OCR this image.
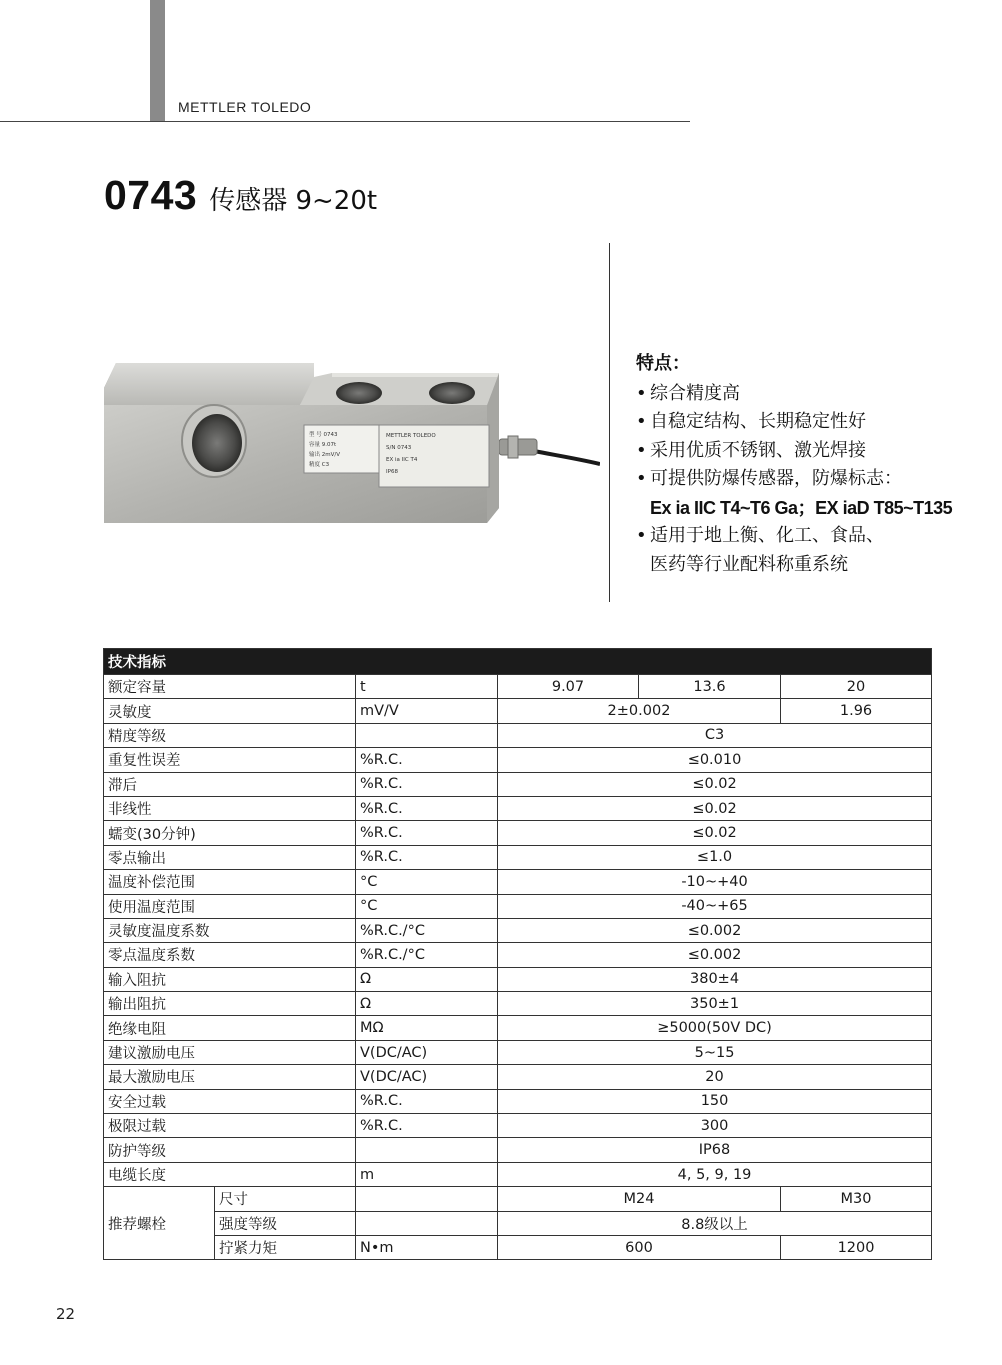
METTLER TOLEDO
0743 传感器 9~20t
型 号 0743
容量 9.07t
输出 2mV/V
精度 C3
METTLER TOLEDO
S/N 0743
EX ia IIC T4
IP68
特点：
• 综合精度高
• 自稳定结构、长期稳定性好
• 采用优质不锈钢、激光焊接
• 可提供防爆传感器，防爆标志：
Ex ia IIC T4~T6 Ga；EX iaD T85~T135
• 适用于地上衡、化工、食品、
医药等行业配料称重系统
技术指标					
额定容量		t	9.07	13.6	20
灵敏度		mV/V	2±0.002		1.96
精度等级			C3		
重复性误差		%R.C.	≤0.010		
滞后		%R.C.	≤0.02		
非线性		%R.C.	≤0.02		
蠕变(30分钟)		%R.C.	≤0.02		
零点输出		%R.C.	≤1.0		
温度补偿范围		°C	-10~+40		
使用温度范围		°C	-40~+65		
灵敏度温度系数		%R.C./°C	≤0.002		
零点温度系数		%R.C./°C	≤0.002		
输入阻抗		Ω	380±4		
输出阻抗		Ω	350±1		
绝缘电阻		MΩ	≥5000(50V DC)		
建议激励电压		V(DC/AC)	5~15		
最大激励电压		V(DC/AC)	20		
安全过载		%R.C.	150		
极限过载		%R.C.	300		
防护等级			IP68		
电缆长度		m	4, 5, 9, 19		
推荐螺栓	尺寸		M24		M30
	强度等级		8.8级以上		
	拧紧力矩	N•m	600		1200
22
